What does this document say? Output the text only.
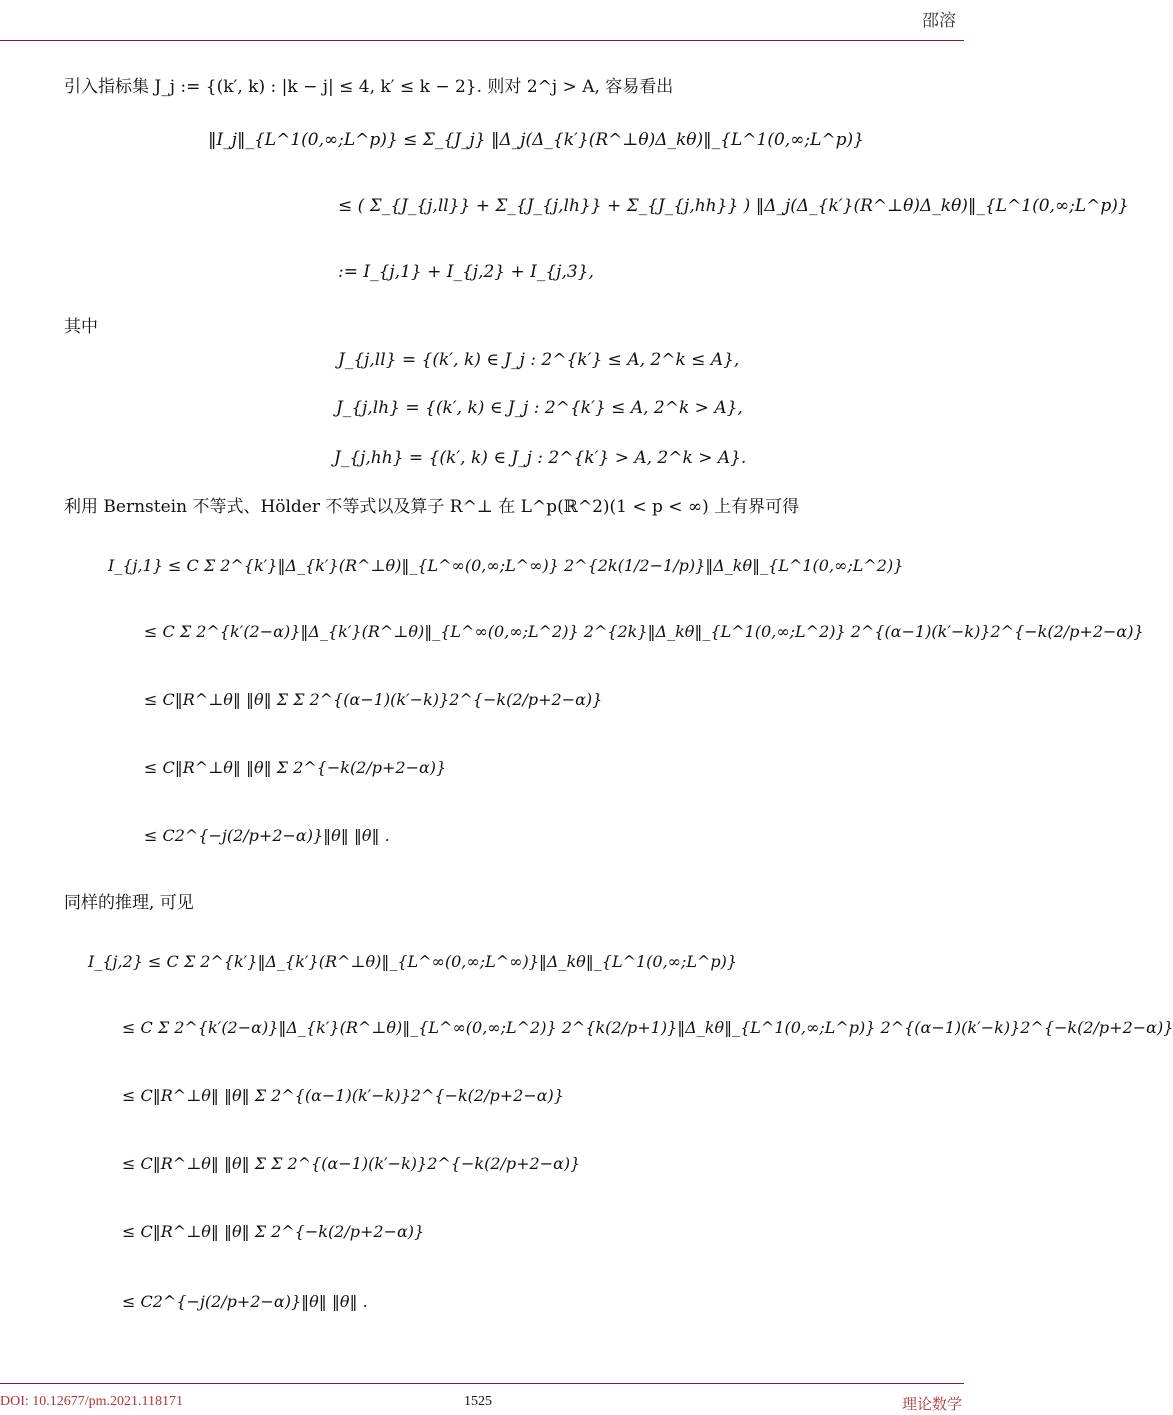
邵溶
引入指标集 J_j := {(k′, k) : |k − j| ≤ 4, k′ ≤ k − 2}. 则对 2^j > A, 容易看出
‖I_j‖_{L^1(0,∞;L^p)} ≤ Σ_{J_j} ‖Δ_j(Δ_{k′}(R^⊥θ)Δ_kθ)‖_{L^1(0,∞;L^p)}
≤ ( Σ_{J_{j,ll}} + Σ_{J_{j,lh}} + Σ_{J_{j,hh}} ) ‖Δ_j(Δ_{k′}(R^⊥θ)Δ_kθ)‖_{L^1(0,∞;L^p)}
:= I_{j,1} + I_{j,2} + I_{j,3},
其中
J_{j,ll} = {(k′, k) ∈ J_j : 2^{k′} ≤ A, 2^k ≤ A},
J_{j,lh} = {(k′, k) ∈ J_j : 2^{k′} ≤ A, 2^k > A},
J_{j,hh} = {(k′, k) ∈ J_j : 2^{k′} > A, 2^k > A}.
利用 Bernstein 不等式、Hölder 不等式以及算子 R^⊥ 在 L^p(ℝ^2)(1 < p < ∞) 上有界可得
I_{j,1} ≤ C Σ 2^{k′}‖Δ_{k′}(R^⊥θ)‖_{L^∞(0,∞;L^∞)} 2^{2k(1/2−1/p)}‖Δ_kθ‖_{L^1(0,∞;L^2)}
≤ C Σ 2^{k′(2−α)}‖Δ_{k′}(R^⊥θ)‖_{L^∞(0,∞;L^2)} 2^{2k}‖Δ_kθ‖_{L^1(0,∞;L^2)} 2^{(α−1)(k′−k)}2^{−k(2/p+2−α)}
≤ C‖R^⊥θ‖ ‖θ‖ Σ Σ 2^{(α−1)(k′−k)}2^{−k(2/p+2−α)}
≤ C‖R^⊥θ‖ ‖θ‖ Σ 2^{−k(2/p+2−α)}
≤ C2^{−j(2/p+2−α)}‖θ‖ ‖θ‖ .
同样的推理, 可见
I_{j,2} ≤ C Σ 2^{k′}‖Δ_{k′}(R^⊥θ)‖_{L^∞(0,∞;L^∞)}‖Δ_kθ‖_{L^1(0,∞;L^p)}
≤ C Σ 2^{k′(2−α)}‖Δ_{k′}(R^⊥θ)‖_{L^∞(0,∞;L^2)} 2^{k(2/p+1)}‖Δ_kθ‖_{L^1(0,∞;L^p)} 2^{(α−1)(k′−k)}2^{−k(2/p+2−α)}
≤ C‖R^⊥θ‖ ‖θ‖ Σ 2^{(α−1)(k′−k)}2^{−k(2/p+2−α)}
≤ C‖R^⊥θ‖ ‖θ‖ Σ Σ 2^{(α−1)(k′−k)}2^{−k(2/p+2−α)}
≤ C‖R^⊥θ‖ ‖θ‖ Σ 2^{−k(2/p+2−α)}
≤ C2^{−j(2/p+2−α)}‖θ‖ ‖θ‖ .
DOI: 10.12677/pm.2021.118171	1525	理论数学
